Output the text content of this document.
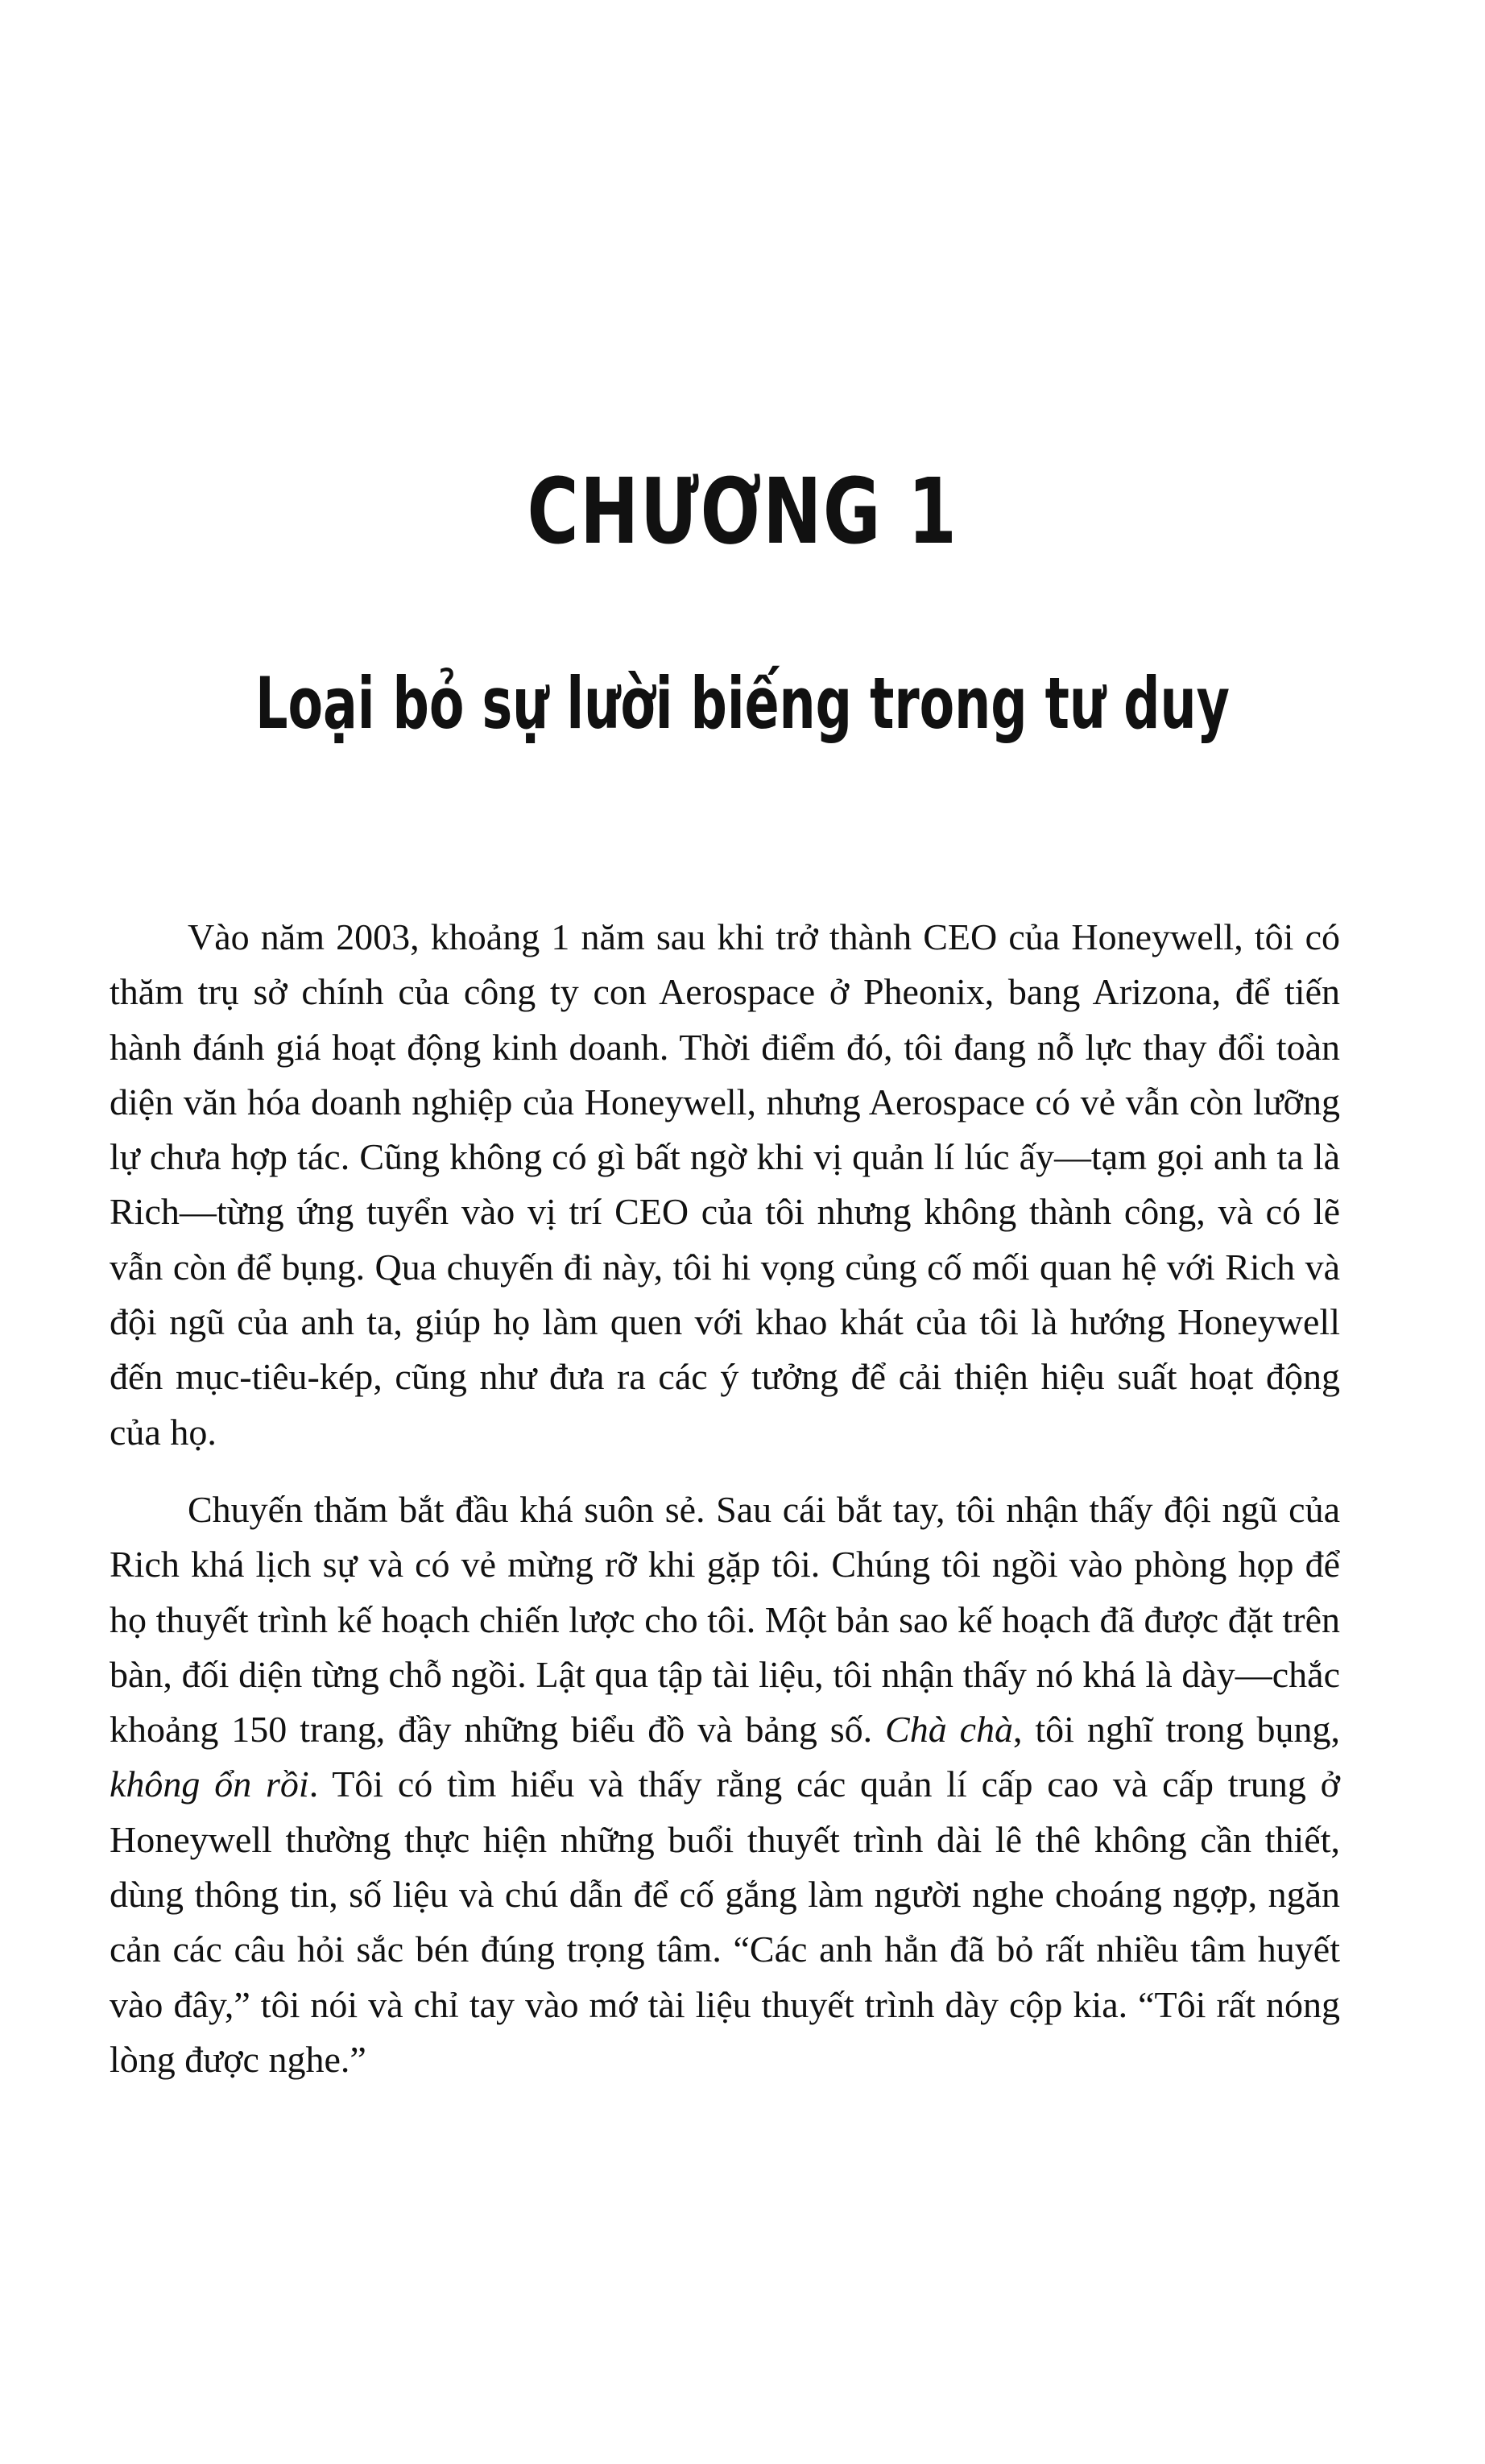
CHƯƠNG 1
Loại bỏ sự lười biếng trong tư duy

Vào năm 2003, khoảng 1 năm sau khi trở thành CEO của Honeywell, tôi có thăm trụ sở chính của công ty con Aerospace ở Pheonix, bang Arizona, để tiến hành đánh giá hoạt động kinh doanh. Thời điểm đó, tôi đang nỗ lực thay đổi toàn diện văn hóa doanh nghiệp của Honeywell, nhưng Aerospace có vẻ vẫn còn lưỡng lự chưa hợp tác. Cũng không có gì bất ngờ khi vị quản lí lúc ấy—tạm gọi anh ta là Rich—từng ứng tuyển vào vị trí CEO của tôi nhưng không thành công, và có lẽ vẫn còn để bụng. Qua chuyến đi này, tôi hi vọng củng cố mối quan hệ với Rich và đội ngũ của anh ta, giúp họ làm quen với khao khát của tôi là hướng Honeywell đến mục-tiêu-kép, cũng như đưa ra các ý tưởng để cải thiện hiệu suất hoạt động của họ.

Chuyến thăm bắt đầu khá suôn sẻ. Sau cái bắt tay, tôi nhận thấy đội ngũ của Rich khá lịch sự và có vẻ mừng rỡ khi gặp tôi. Chúng tôi ngồi vào phòng họp để họ thuyết trình kế hoạch chiến lược cho tôi. Một bản sao kế hoạch đã được đặt trên bàn, đối diện từng chỗ ngồi. Lật qua tập tài liệu, tôi nhận thấy nó khá là dày—chắc khoảng 150 trang, đầy những biểu đồ và bảng số. Chà chà, tôi nghĩ trong bụng, không ổn rồi. Tôi có tìm hiểu và thấy rằng các quản lí cấp cao và cấp trung ở Honeywell thường thực hiện những buổi thuyết trình dài lê thê không cần thiết, dùng thông tin, số liệu và chú dẫn để cố gắng làm người nghe choáng ngợp, ngăn cản các câu hỏi sắc bén đúng trọng tâm. “Các anh hẳn đã bỏ rất nhiều tâm huyết vào đây,” tôi nói và chỉ tay vào mớ tài liệu thuyết trình dày cộp kia. “Tôi rất nóng lòng được nghe.”
